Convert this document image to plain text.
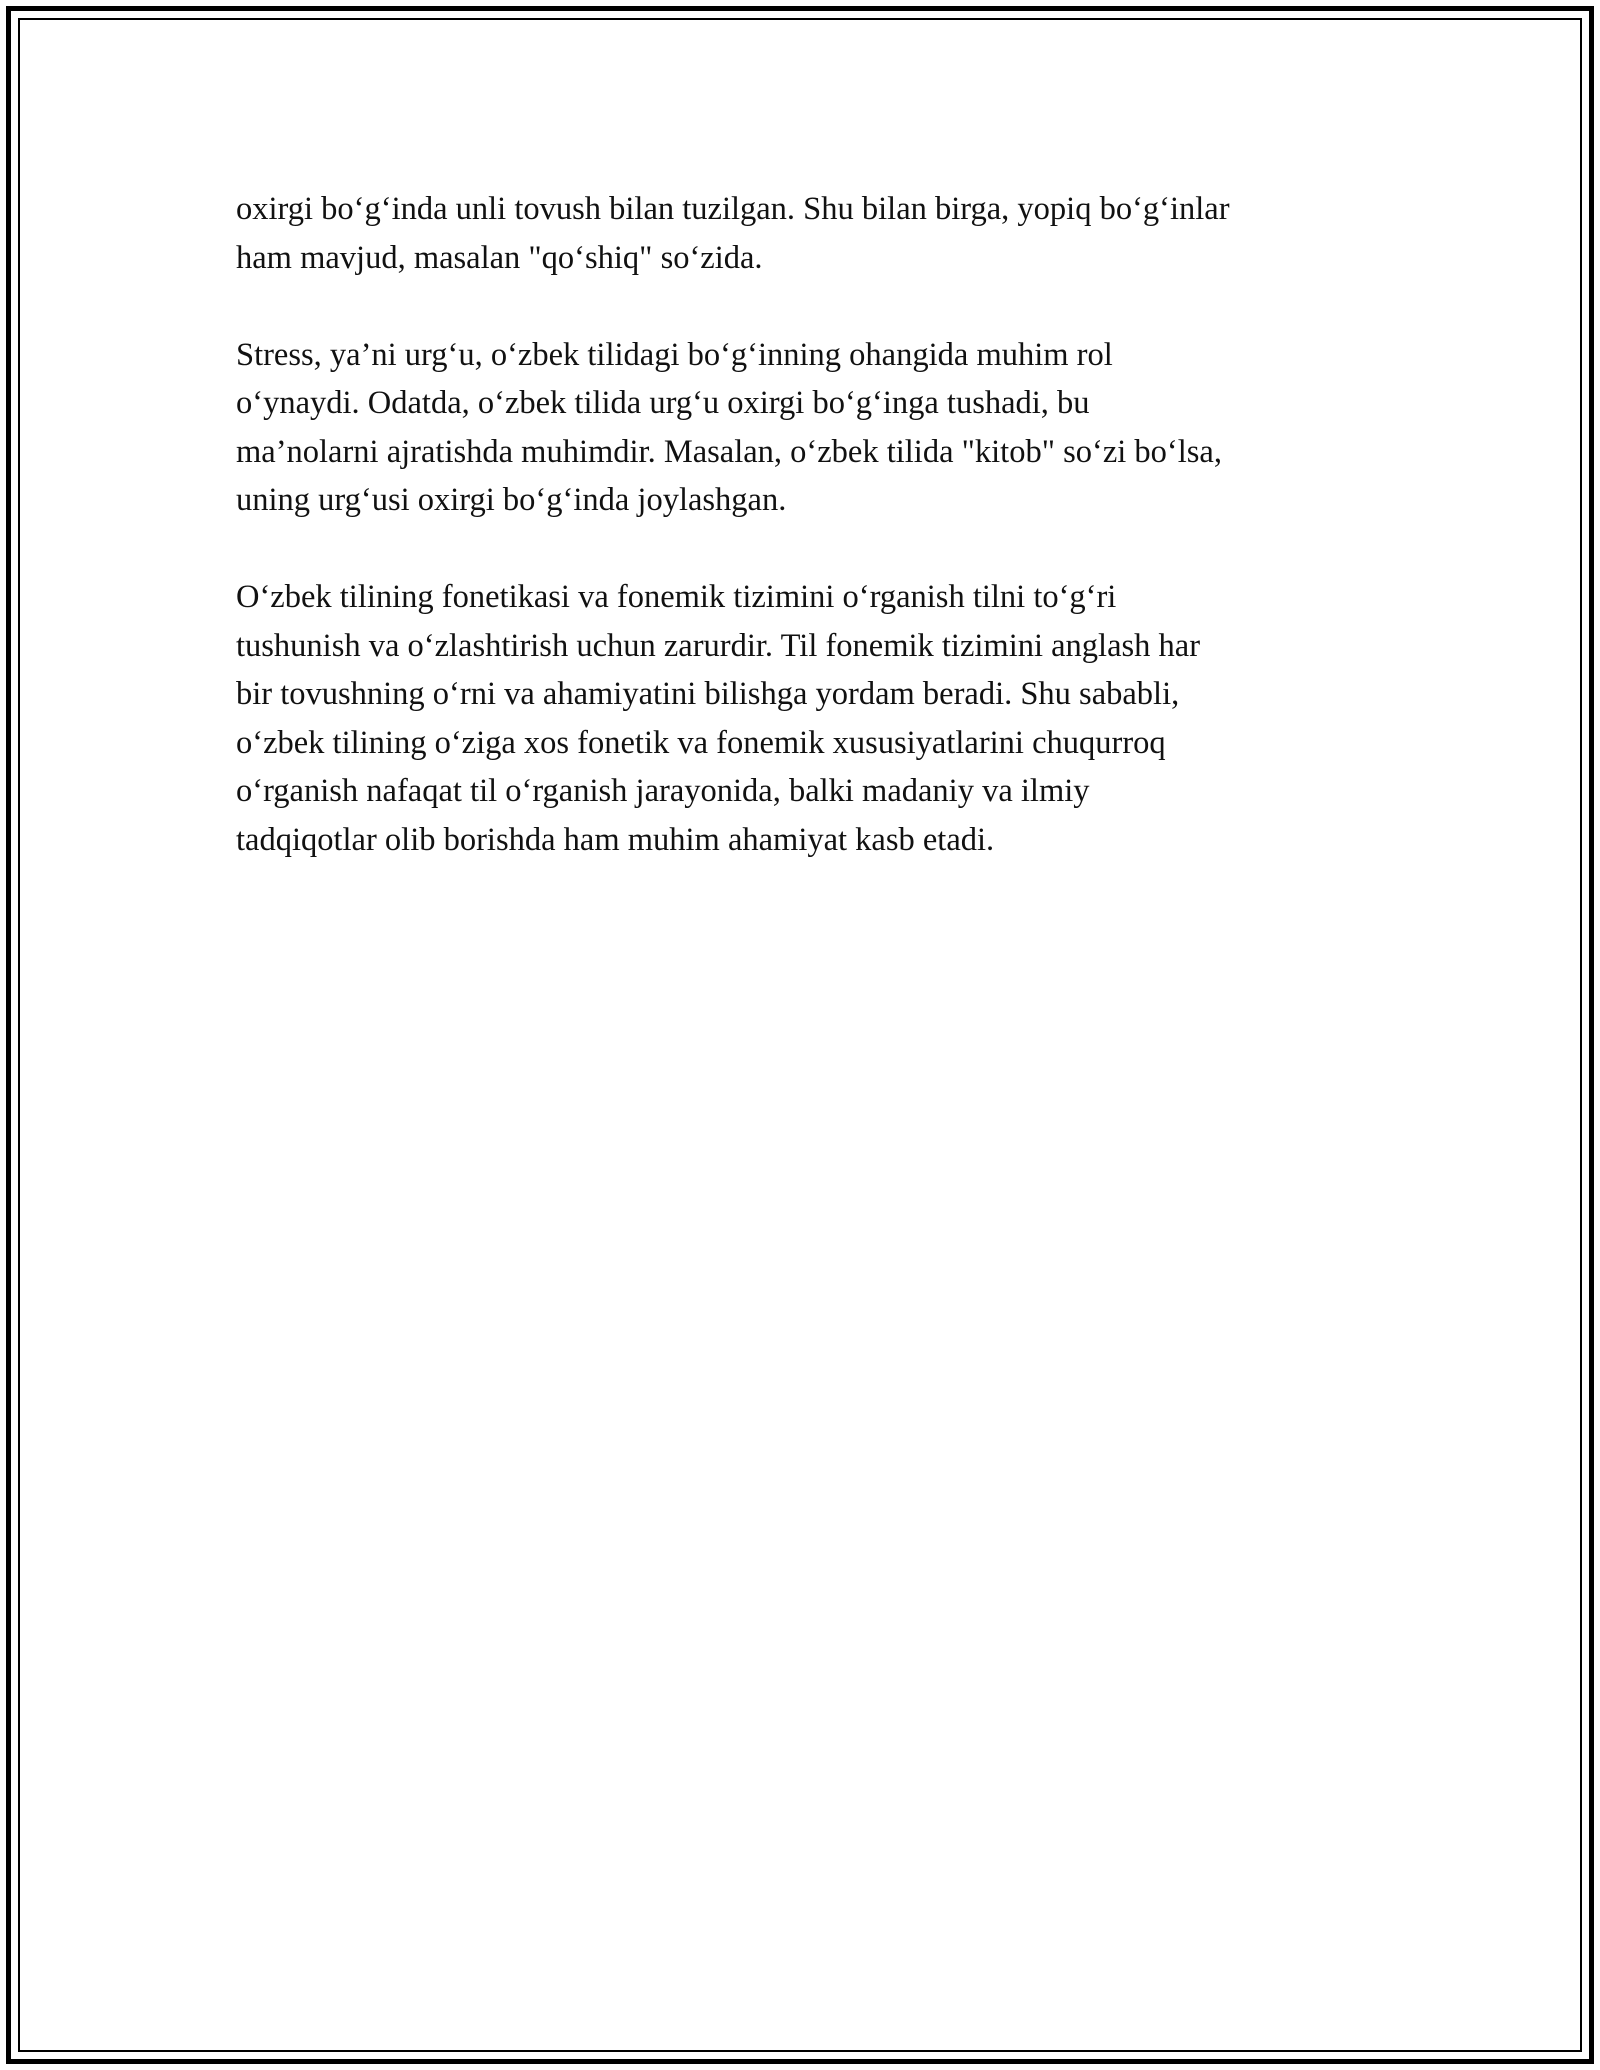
oxirgi bo‘g‘inda unli tovush bilan tuzilgan. Shu bilan birga, yopiq bo‘g‘inlar
ham mavjud, masalan "qo‘shiq" so‘zida.

Stress, ya’ni urg‘u, o‘zbek tilidagi bo‘g‘inning ohangida muhim rol
o‘ynaydi. Odatda, o‘zbek tilida urg‘u oxirgi bo‘g‘inga tushadi, bu
ma’nolarni ajratishda muhimdir. Masalan, o‘zbek tilida "kitob" so‘zi bo‘lsa,
uning urg‘usi oxirgi bo‘g‘inda joylashgan.

O‘zbek tilining fonetikasi va fonemik tizimini o‘rganish tilni to‘g‘ri
tushunish va o‘zlashtirish uchun zarurdir. Til fonemik tizimini anglash har
bir tovushning o‘rni va ahamiyatini bilishga yordam beradi. Shu sababli,
o‘zbek tilining o‘ziga xos fonetik va fonemik xususiyatlarini chuqurroq
o‘rganish nafaqat til o‘rganish jarayonida, balki madaniy va ilmiy
tadqiqotlar olib borishda ham muhim ahamiyat kasb etadi.
